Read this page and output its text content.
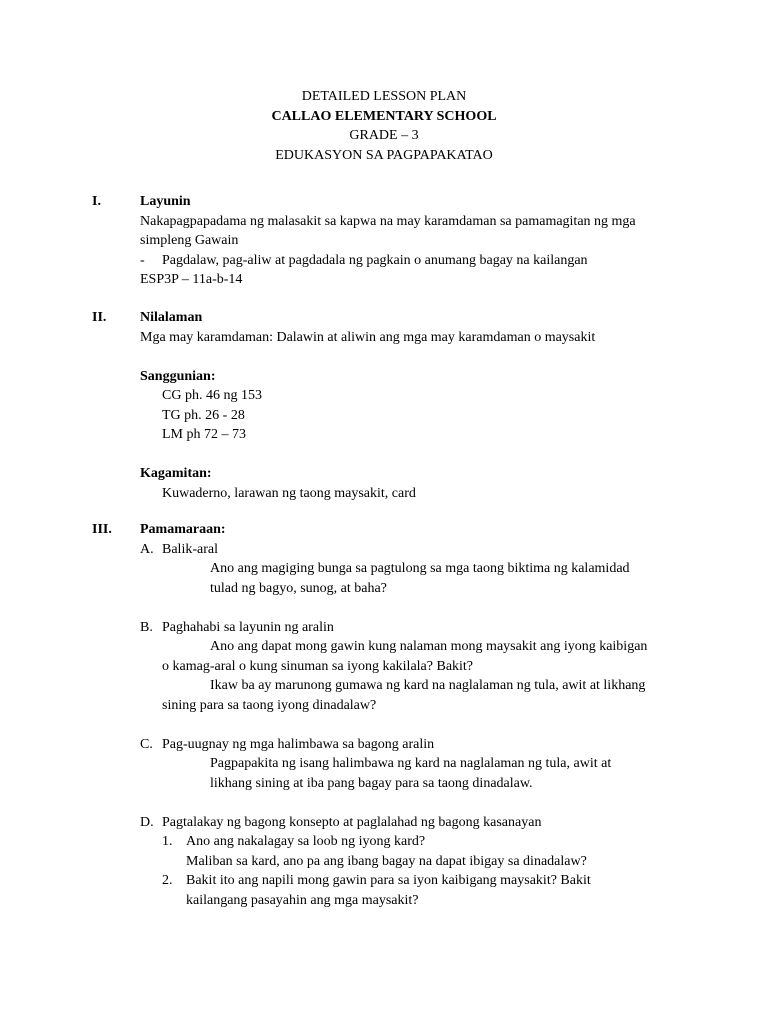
DETAILED LESSON PLAN
CALLAO ELEMENTARY SCHOOL
GRADE – 3
EDUKASYON SA PAGPAPAKATAO
I.	Layunin
Nakapagpapadama ng malasakit sa kapwa na may karamdaman sa pamamagitan ng mga
simpleng Gawain
- Pagdalaw, pag-aliw at pagdadala ng pagkain o anumang bagay na kailangan
ESP3P – 11a-b-14
II. Nilalaman
Mga may karamdaman: Dalawin at aliwin ang mga may karamdaman o maysakit
Sanggunian:
CG ph. 46 ng 153
TG ph. 26 - 28
LM ph 72 – 73
Kagamitan:
Kuwaderno, larawan ng taong maysakit, card
III. Pamamaraan:
A. Balik-aral
Ano ang magiging bunga sa pagtulong sa mga taong biktima ng kalamidad
tulad ng bagyo, sunog, at baha?
B. Paghahabi sa layunin ng aralin
Ano ang dapat mong gawin kung nalaman mong maysakit ang iyong kaibigan
o kamag-aral o kung sinuman sa iyong kakilala? Bakit?
Ikaw ba ay marunong gumawa ng kard na naglalaman ng tula, awit at likhang
sining para sa taong iyong dinadalaw?
C. Pag-uugnay ng mga halimbawa sa bagong aralin
Pagpapakita ng isang halimbawa ng kard na naglalaman ng tula, awit at
likhang sining at iba pang bagay para sa taong dinadalaw.
D. Pagtalakay ng bagong konsepto at paglalahad ng bagong kasanayan
1. Ano ang nakalagay sa loob ng iyong kard?
Maliban sa kard, ano pa ang ibang bagay na dapat ibigay sa dinadalaw?
2. Bakit ito ang napili mong gawin para sa iyon kaibigang maysakit? Bakit
kailangang pasayahin ang mga maysakit?
